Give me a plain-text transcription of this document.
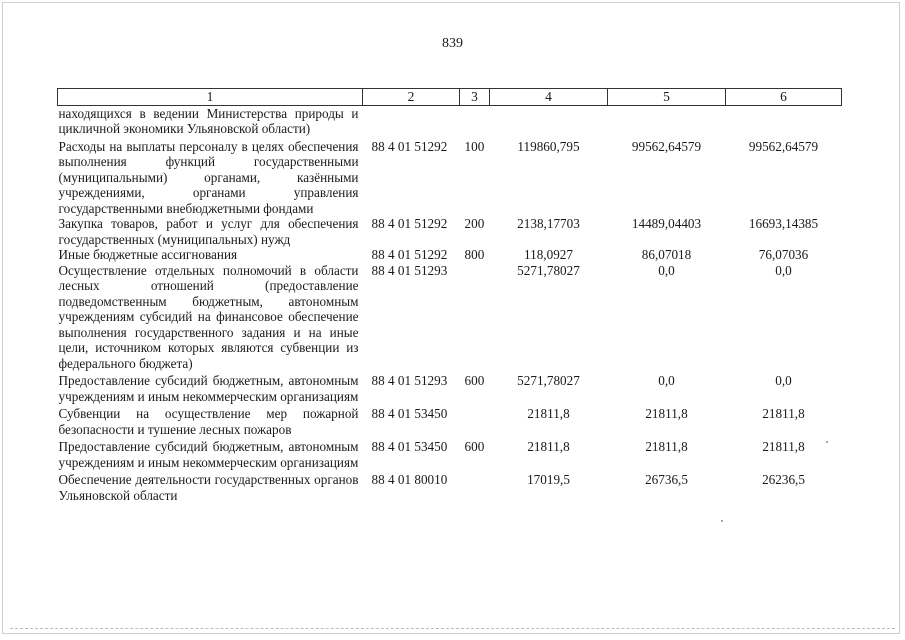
839
1	2	3	4	5	6
находящихся в ведении Министерства природы и цикличной экономики Ульяновской области)					
Расходы на выплаты персоналу в целях обеспечения выполнения функций государственными (муниципальными) органами, казёнными учреждениями, органами управления государственными внебюджетными фондами	88 4 01 51292	100	119860,795	99562,64579	99562,64579
Закупка товаров, работ и услуг для обеспечения государственных (муниципальных) нужд	88 4 01 51292	200	2138,17703	14489,04403	16693,14385
Иные бюджетные ассигнования	88 4 01 51292	800	118,0927	86,07018	76,07036
Осуществление отдельных полномочий в области лесных отношений (предоставление подведомственным бюджетным, автономным учреждениям субсидий на финансовое обеспечение выполнения государственного задания и на иные цели, источником которых являются субвенции из федерального бюджета)	88 4 01 51293		5271,78027	0,0	0,0
Предоставление субсидий бюджетным, автономным учреждениям и иным некоммерческим организациям	88 4 01 51293	600	5271,78027	0,0	0,0
Субвенции на осуществление мер пожарной безопасности и тушение лесных пожаров	88 4 01 53450		21811,8	21811,8	21811,8
Предоставление субсидий бюджетным, автономным учреждениям и иным некоммерческим организациям	88 4 01 53450	600	21811,8	21811,8	21811,8
Обеспечение деятельности государственных органов Ульяновской области	88 4 01 80010		17019,5	26736,5	26236,5
